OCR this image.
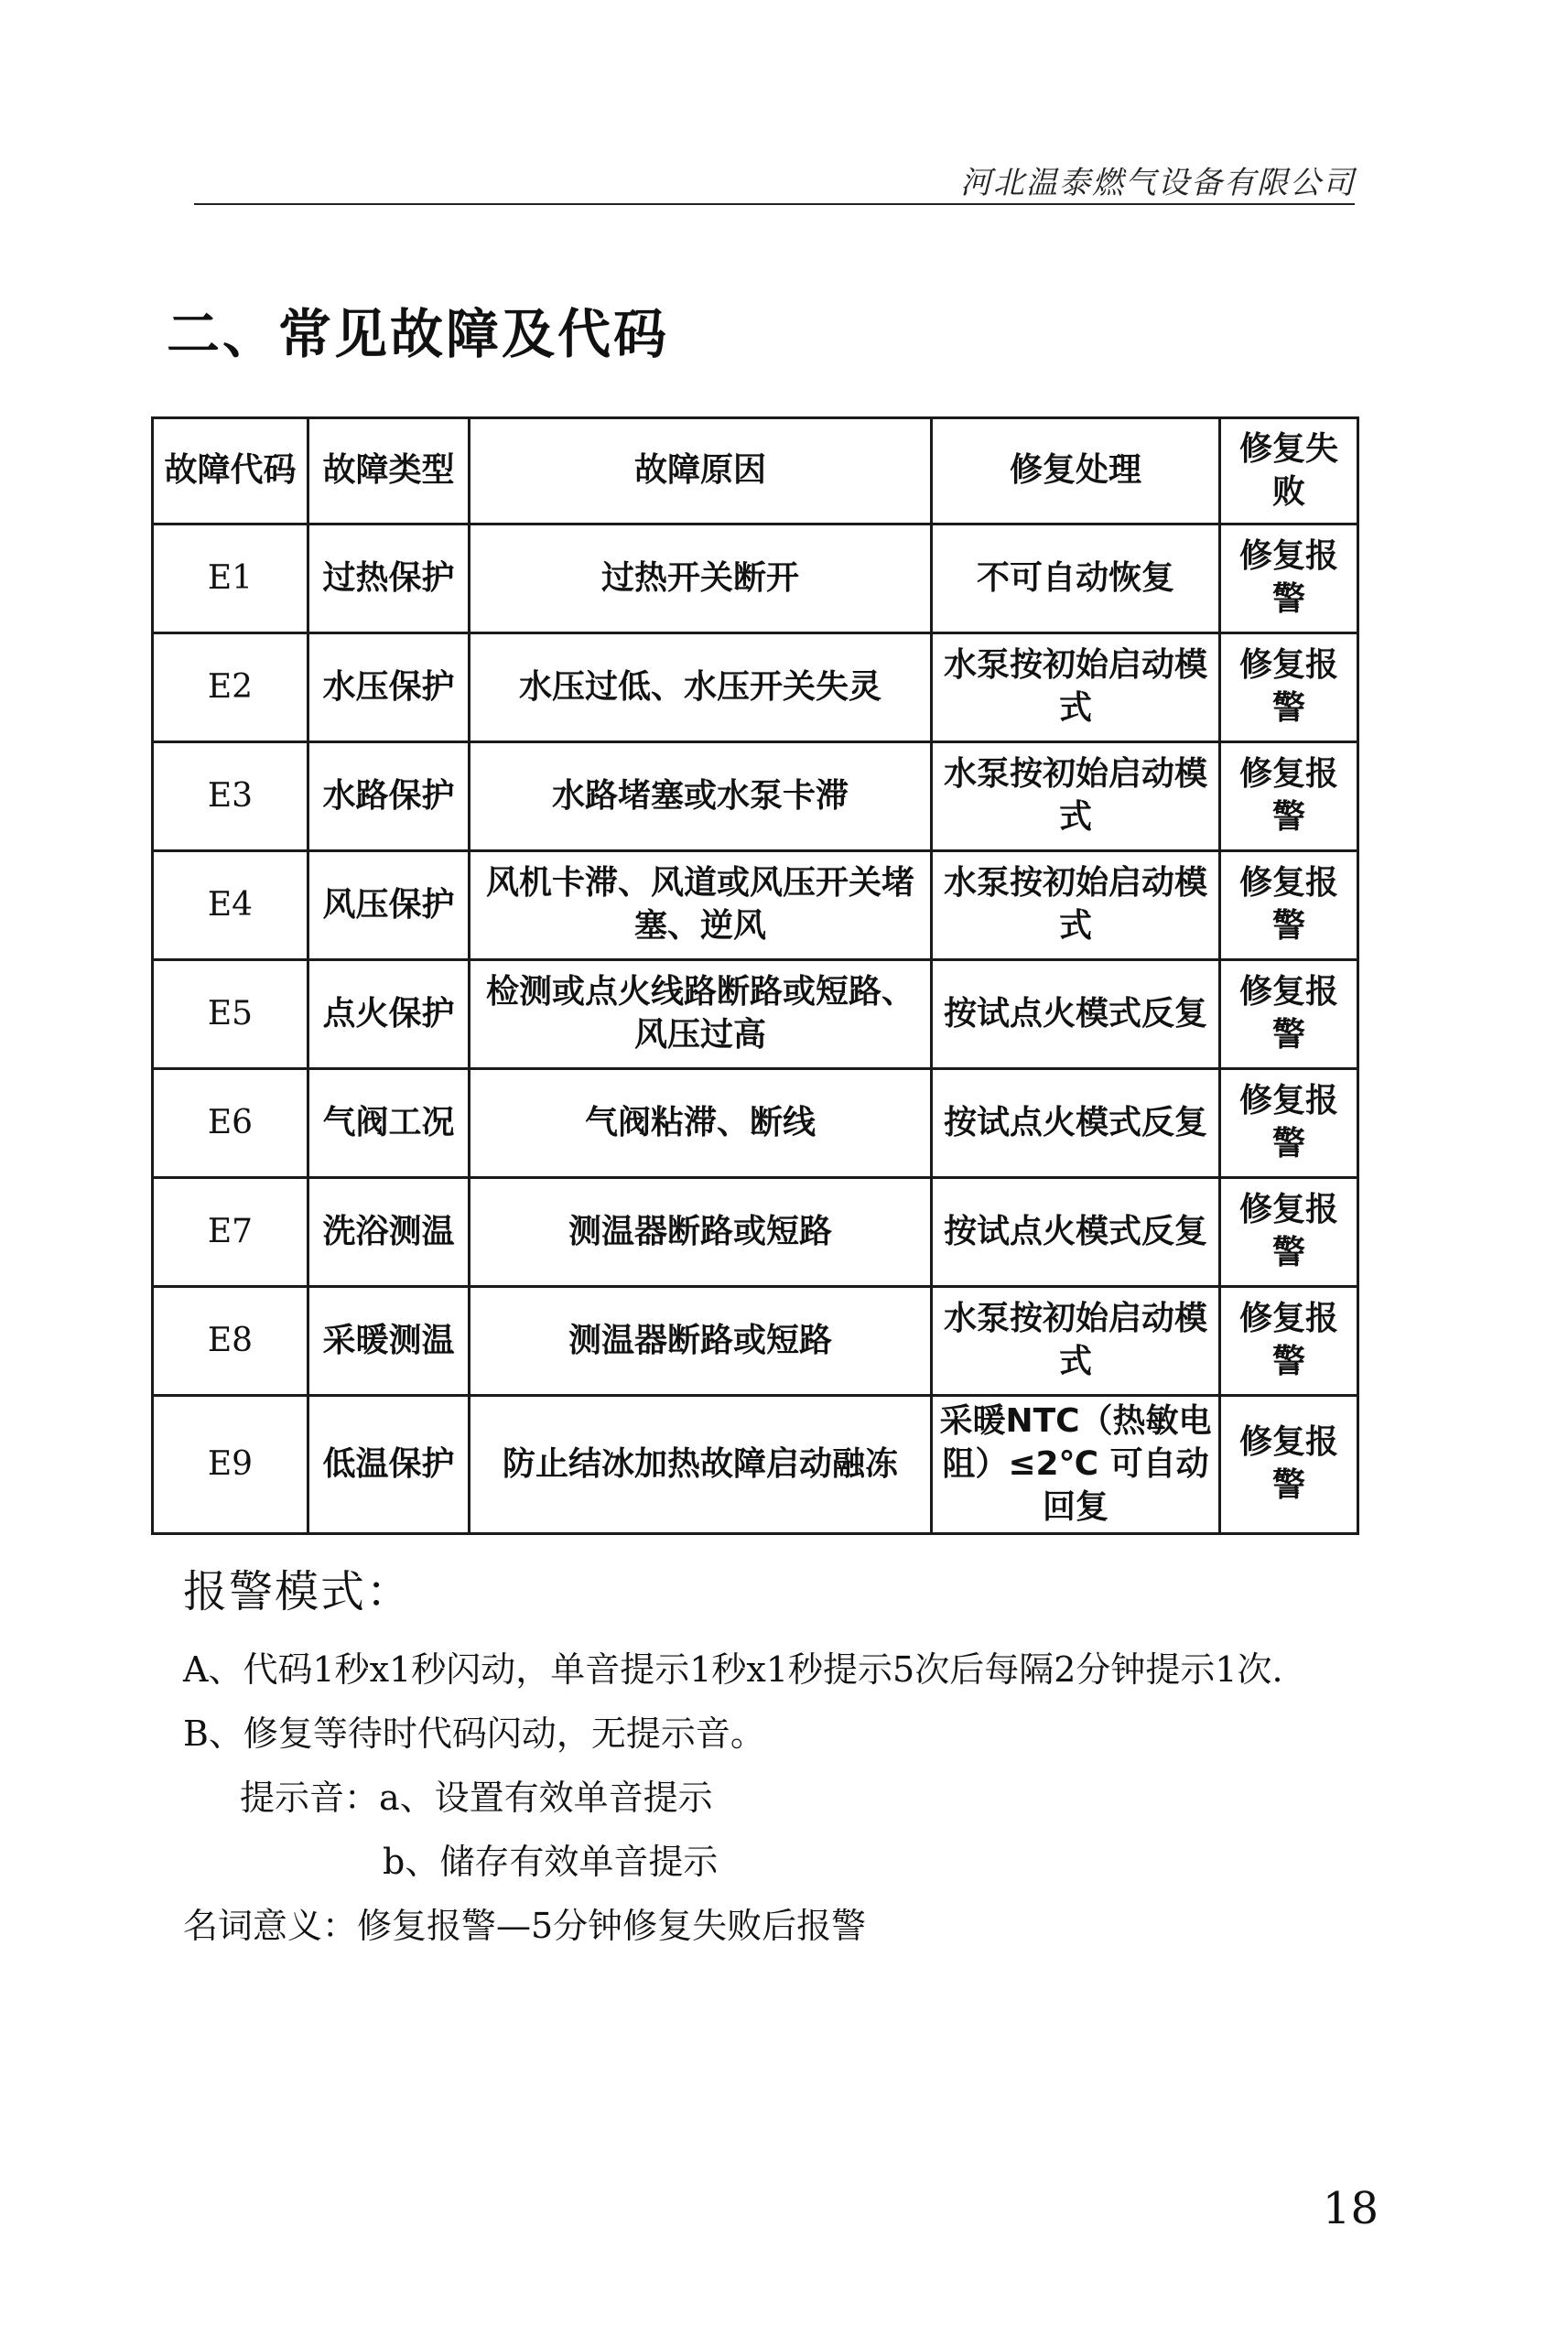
河北温泰燃气设备有限公司
二、常见故障及代码
故障代码	故障类型	故障原因	修复处理	修复失败
E1	过热保护	过热开关断开	不可自动恢复	修复报警
E2	水压保护	水压过低、水压开关失灵	水泵按初始启动模式	修复报警
E3	水路保护	水路堵塞或水泵卡滞	水泵按初始启动模式	修复报警
E4	风压保护	风机卡滞、风道或风压开关堵塞、逆风	水泵按初始启动模式	修复报警
E5	点火保护	检测或点火线路断路或短路、风压过高	按试点火模式反复	修复报警
E6	气阀工况	气阀粘滞、断线	按试点火模式反复	修复报警
E7	洗浴测温	测温器断路或短路	按试点火模式反复	修复报警
E8	采暖测温	测温器断路或短路	水泵按初始启动模式	修复报警
E9	低温保护	防止结冰加热故障启动融冻	采暖NTC（热敏电阻）≤2℃ 可自动回复	修复报警
报警模式：
A、代码1秒x1秒闪动，单音提示1秒x1秒提示5次后每隔2分钟提示1次.
B、修复等待时代码闪动，无提示音。
提示音：a、设置有效单音提示
b、储存有效单音提示
名词意义：修复报警—5分钟修复失败后报警
18
